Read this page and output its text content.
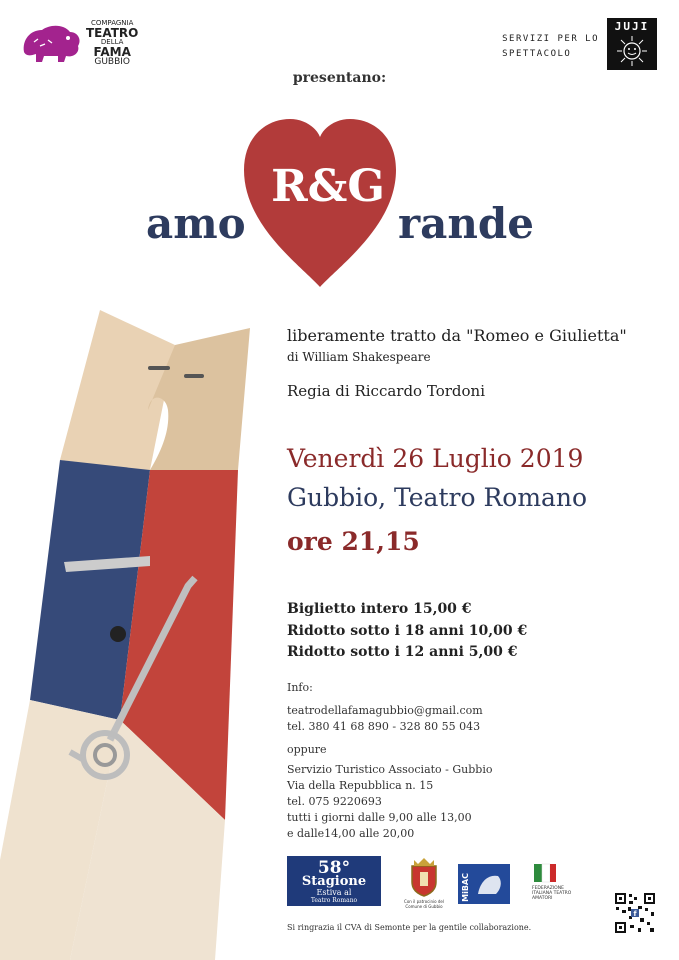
COMPAGNIA
TEATRO
DELLA
FAMA
GUBBIO
SERVIZI PER LO
SPETTACOLO
JUJI
presentano:
R&G
amo	rande
liberamente tratto da "Romeo e Giulietta"
di William Shakespeare
Regia di Riccardo Tordoni
Venerdì 26 Luglio 2019
Gubbio, Teatro Romano
ore 21,15
Biglietto intero 15,00 €
Ridotto sotto i 18 anni 10,00 €
Ridotto sotto i 12 anni 5,00 €
Info:
teatrodellafamagubbio@gmail.com
tel. 380 41 68 890 - 328 80 55 043
oppure
Servizio Turistico Associato - Gubbio
Via della Repubblica n. 15
tel. 075 9220693
tutti i giorni dalle 9,00 alle 13,00
e dalle14,00 alle 20,00
58°
Stagione
Estiva al
Teatro Romano	Con il patrocinio del Comune di Gubbio
MiBAC	FEDERAZIONE ITALIANA TEATRO AMATORI
f
Si ringrazia il CVA di Semonte per la gentile collaborazione.
